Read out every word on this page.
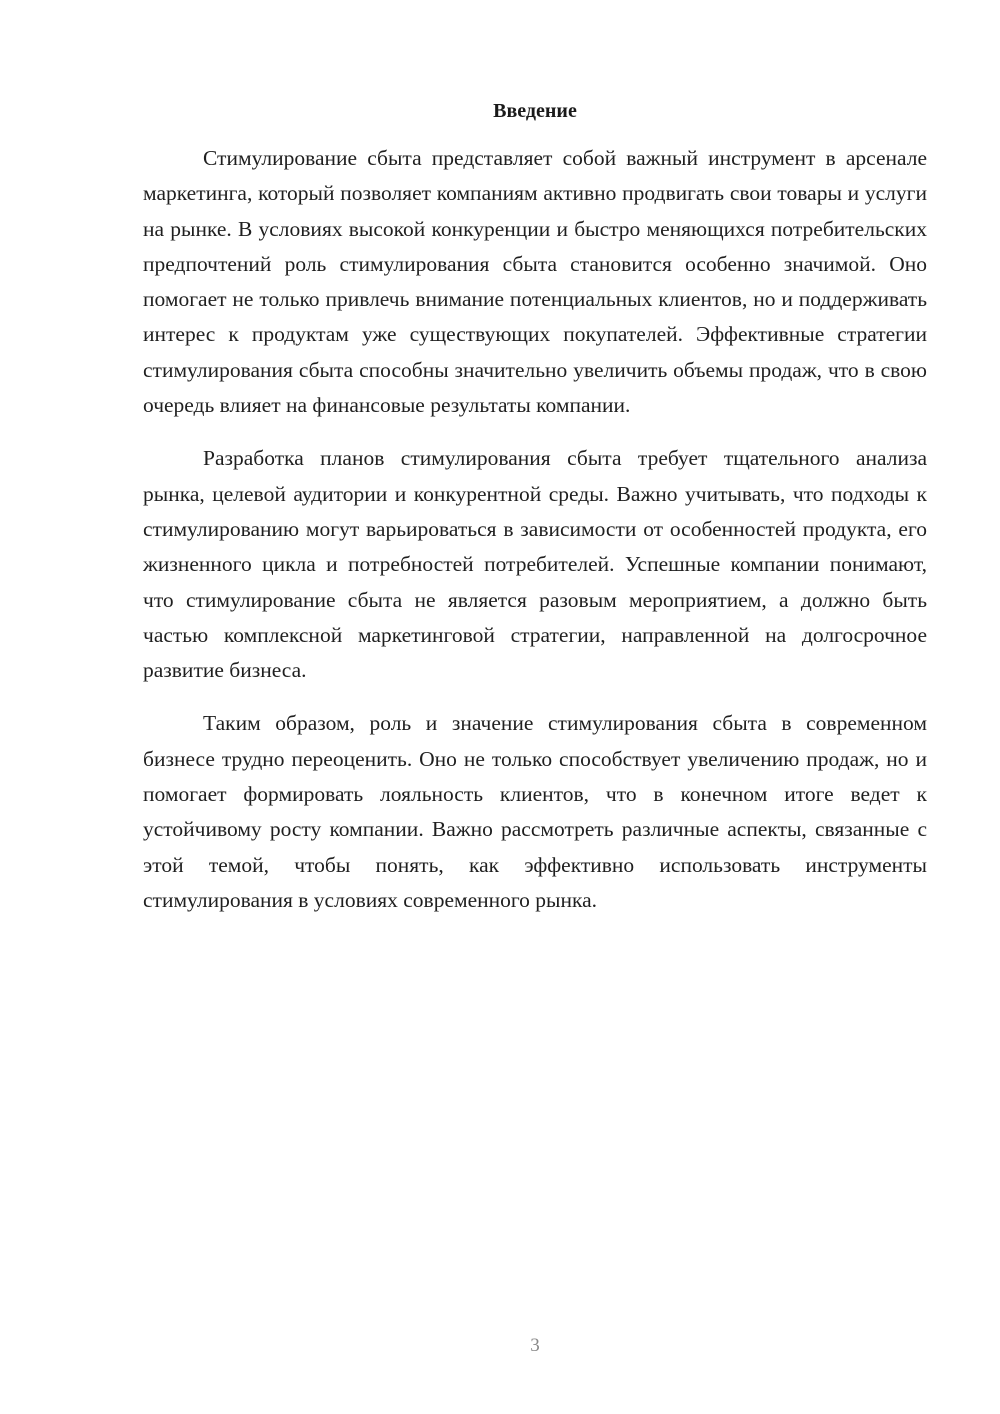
Введение

Стимулирование сбыта представляет собой важный инструмент в арсенале маркетинга, который позволяет компаниям активно продвигать свои товары и услуги на рынке. В условиях высокой конкуренции и быстро меняющихся потребительских предпочтений роль стимулирования сбыта становится особенно значимой. Оно помогает не только привлечь внимание потенциальных клиентов, но и поддерживать интерес к продуктам уже существующих покупателей. Эффективные стратегии стимулирования сбыта способны значительно увеличить объемы продаж, что в свою очередь влияет на финансовые результаты компании.

Разработка планов стимулирования сбыта требует тщательного анализа рынка, целевой аудитории и конкурентной среды. Важно учитывать, что подходы к стимулированию могут варьироваться в зависимости от особенностей продукта, его жизненного цикла и потребностей потребителей. Успешные компании понимают, что стимулирование сбыта не является разовым мероприятием, а должно быть частью комплексной маркетинговой стратегии, направленной на долгосрочное развитие бизнеса.

Таким образом, роль и значение стимулирования сбыта в современном бизнесе трудно переоценить. Оно не только способствует увеличению продаж, но и помогает формировать лояльность клиентов, что в конечном итоге ведет к устойчивому росту компании. Важно рассмотреть различные аспекты, связанные с этой темой, чтобы понять, как эффективно использовать инструменты стимулирования в условиях современного рынка.

3
